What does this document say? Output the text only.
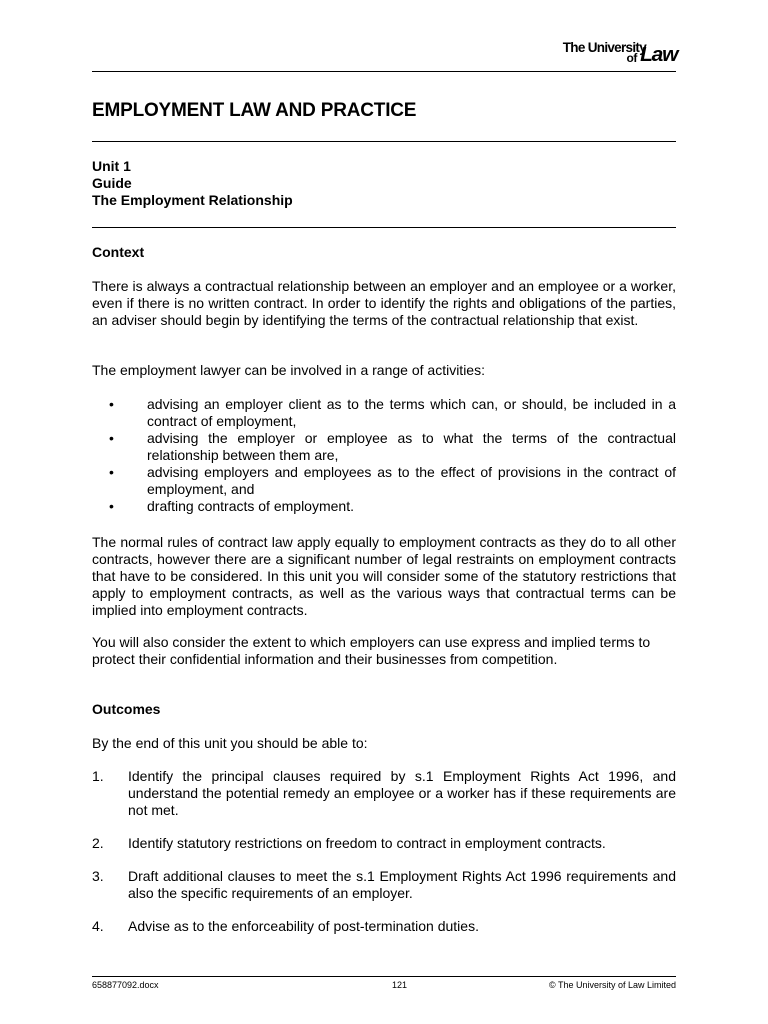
The University
of Law
EMPLOYMENT LAW AND PRACTICE
Unit 1
Guide
The Employment Relationship

Context

There is always a contractual relationship between an employer and an employee or a worker, even if there is no written contract. In order to identify the rights and obligations of the parties, an adviser should begin by identifying the terms of the contractual relationship that exist.

The employment lawyer can be involved in a range of activities:

• advising an employer client as to the terms which can, or should, be included in a contract of employment,
• advising the employer or employee as to what the terms of the contractual relationship between them are,
• advising employers and employees as to the effect of provisions in the contract of employment, and
• drafting contracts of employment.

The normal rules of contract law apply equally to employment contracts as they do to all other contracts, however there are a significant number of legal restraints on employment contracts that have to be considered. In this unit you will consider some of the statutory restrictions that apply to employment contracts, as well as the various ways that contractual terms can be implied into employment contracts.

You will also consider the extent to which employers can use express and implied terms to protect their confidential information and their businesses from competition.

Outcomes

By the end of this unit you should be able to:

1. Identify the principal clauses required by s.1 Employment Rights Act 1996, and understand the potential remedy an employee or a worker has if these requirements are not met.
2. Identify statutory restrictions on freedom to contract in employment contracts.
3. Draft additional clauses to meet the s.1 Employment Rights Act 1996 requirements and also the specific requirements of an employer.
4. Advise as to the enforceability of post-termination duties.
658877092.docx	121	© The University of Law Limited
